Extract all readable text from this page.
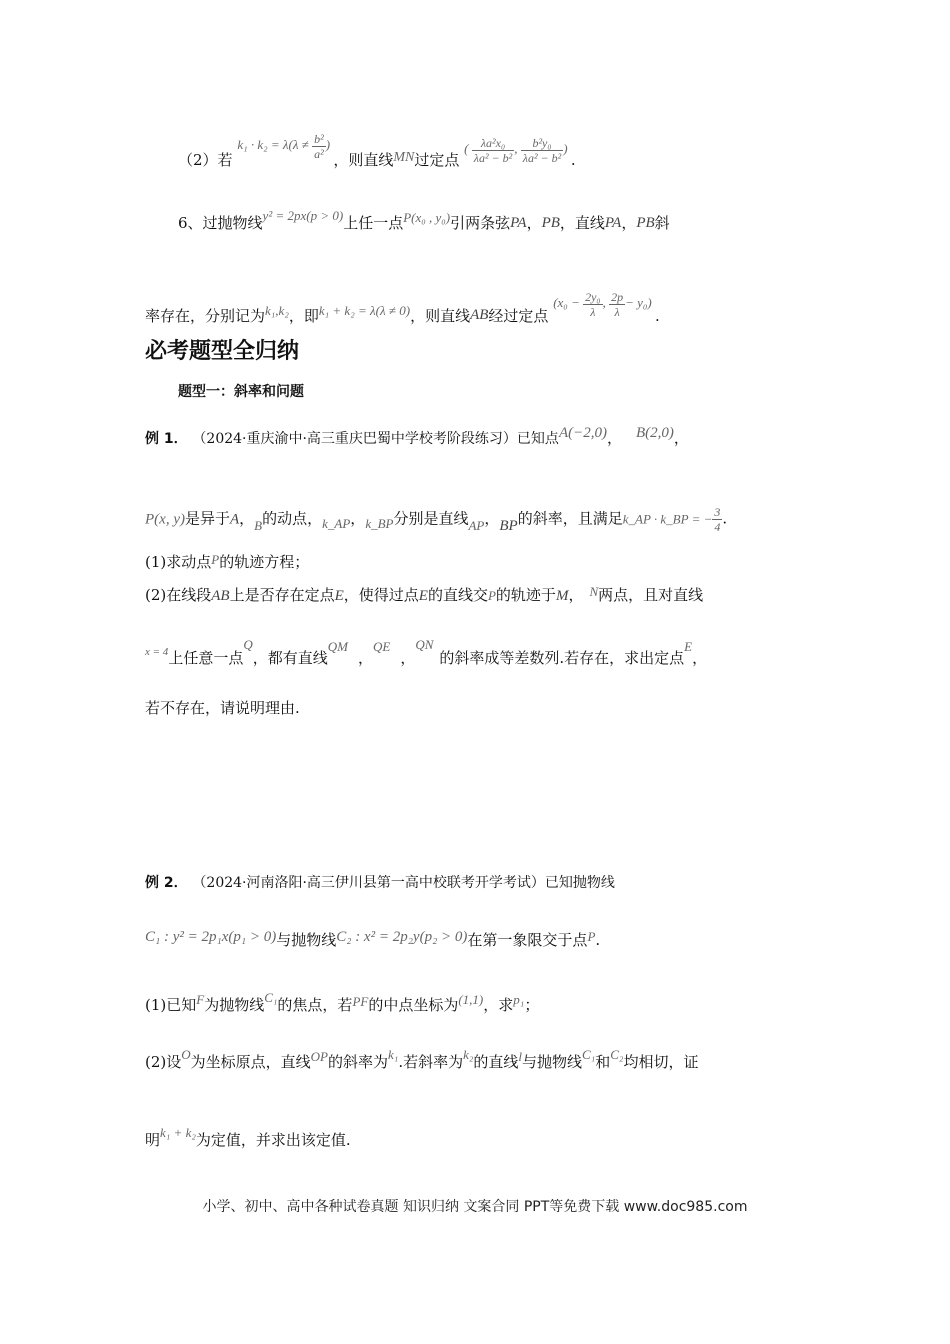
（2）若 $k_1 \cdot k_2 = \lambda(\lambda \ne \frac{\text{b²}}{\text{a²}}$ ) ，则直线MN过定点 ( $\frac{\text{λa²x₀}}{\text{λa² − b²}}$ , $\frac{\text{b²y₀}}{\text{λa² − b²}}$ ) .
6、过抛物线y² = 2px(p > 0)上任一点P(x₀ , y₀)引两条弦PA，PB，直线PA，PB斜
率存在，分别记为k₁,k₂，即k₁ + k₂ = λ(λ ≠ 0)，则直线AB经过定点 ($x_0 - \frac{\text{2y₀}}{\lambda}$ , $\frac{2p}{\lambda} - y_0$) .
必考题型全归纳
题型一：斜率和问题
例 1． （2024·重庆渝中·高三重庆巴蜀中学校考阶段练习）已知点A(−2,0)， B(2,0)，
P(x, y)是异于A，B的动点，k_AP，k_BP分别是直线AP，BP的斜率，且满足k_AP · k_BP = − $\frac{3}{4}$ .
(1)求动点P的轨迹方程；
(2)在线段AB上是否存在定点E，使得过点E的直线交P的轨迹于M， N两点，且对直线
$^{x = 4}$上任意一点Q，都有直线QM，QE，QN的斜率成等差数列.若存在，求出定点E，
若不存在，请说明理由.
例 2． （2024·河南洛阳·高三伊川县第一高中校联考开学考试）已知抛物线
C₁ : y² = 2p₁x(p₁ > 0)与抛物线C₂ : x² = 2p₂y(p₂ > 0)在第一象限交于点P.
(1)已知F为抛物线C₁的焦点，若PF的中点坐标为(1,1)，求p₁；
(2)设O为坐标原点，直线OP的斜率为k₁.若斜率为k₂的直线l与抛物线C₁和C₂均相切，证
明k₁ + k₂为定值，并求出该定值.
小学、初中、高中各种试卷真题 知识归纳 文案合同 PPT等免费下载 www.doc985.com
